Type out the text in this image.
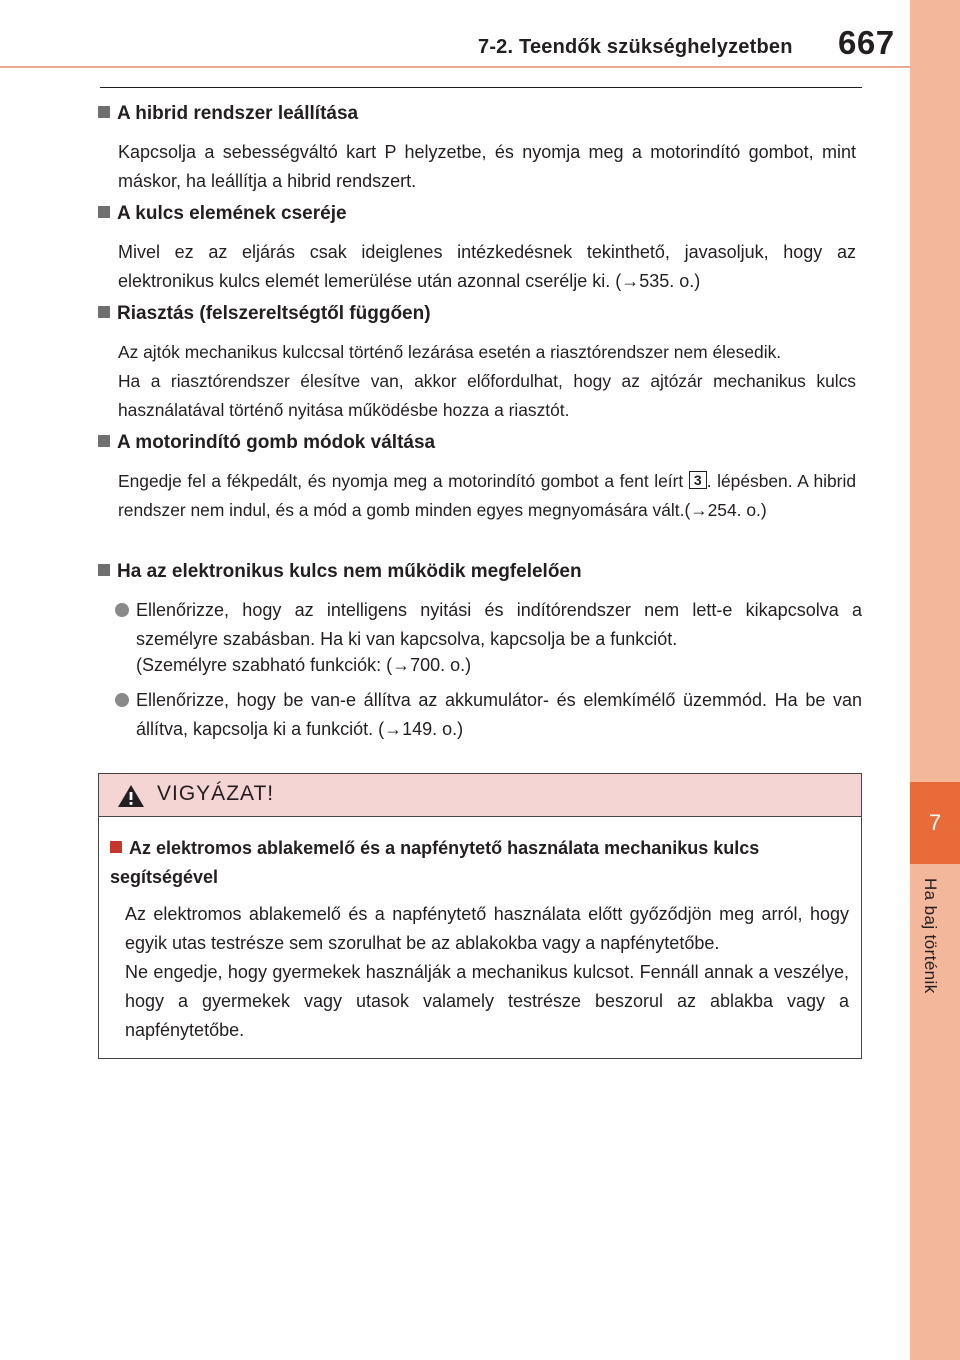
7-2. Teendők szükséghelyzetben 667
7
Ha baj történik
A hibrid rendszer leállítása
Kapcsolja a sebességváltó kart P helyzetbe, és nyomja meg a motorindító gombot, mint máskor, ha leállítja a hibrid rendszert.
A kulcs elemének cseréje
Mivel ez az eljárás csak ideiglenes intézkedésnek tekinthető, javasoljuk, hogy az elektronikus kulcs elemét lemerülése után azonnal cserélje ki. (→535. o.)
Riasztás (felszereltségtől függően)
Az ajtók mechanikus kulccsal történő lezárása esetén a riasztórendszer nem élesedik.
Ha a riasztórendszer élesítve van, akkor előfordulhat, hogy az ajtózár mechanikus kulcs használatával történő nyitása működésbe hozza a riasztót.
A motorindító gomb módok váltása
Engedje fel a fékpedált, és nyomja meg a motorindító gombot a fent leírt 3 . lépésben. A hibrid rendszer nem indul, és a mód a gomb minden egyes megnyomására vált.(→254. o.)
Ha az elektronikus kulcs nem működik megfelelően
Ellenőrizze, hogy az intelligens nyitási és indítórendszer nem lett-e kikapcsolva a személyre szabásban. Ha ki van kapcsolva, kapcsolja be a funkciót.
(Személyre szabható funkciók: (→700. o.)
Ellenőrizze, hogy be van-e állítva az akkumulátor- és elemkímélő üzemmód. Ha be van állítva, kapcsolja ki a funkciót. (→149. o.)
VIGYÁZAT!
Az elektromos ablakemelő és a napfénytető használata mechanikus kulcs segítségével

Az elektromos ablakemelő és a napfénytető használata előtt győződjön meg arról, hogy egyik utas testrésze sem szorulhat be az ablakokba vagy a napfénytetőbe.

Ne engedje, hogy gyermekek használják a mechanikus kulcsot. Fennáll annak a veszélye, hogy a gyermekek vagy utasok valamely testrésze beszorul az ablakba vagy a napfénytetőbe.
